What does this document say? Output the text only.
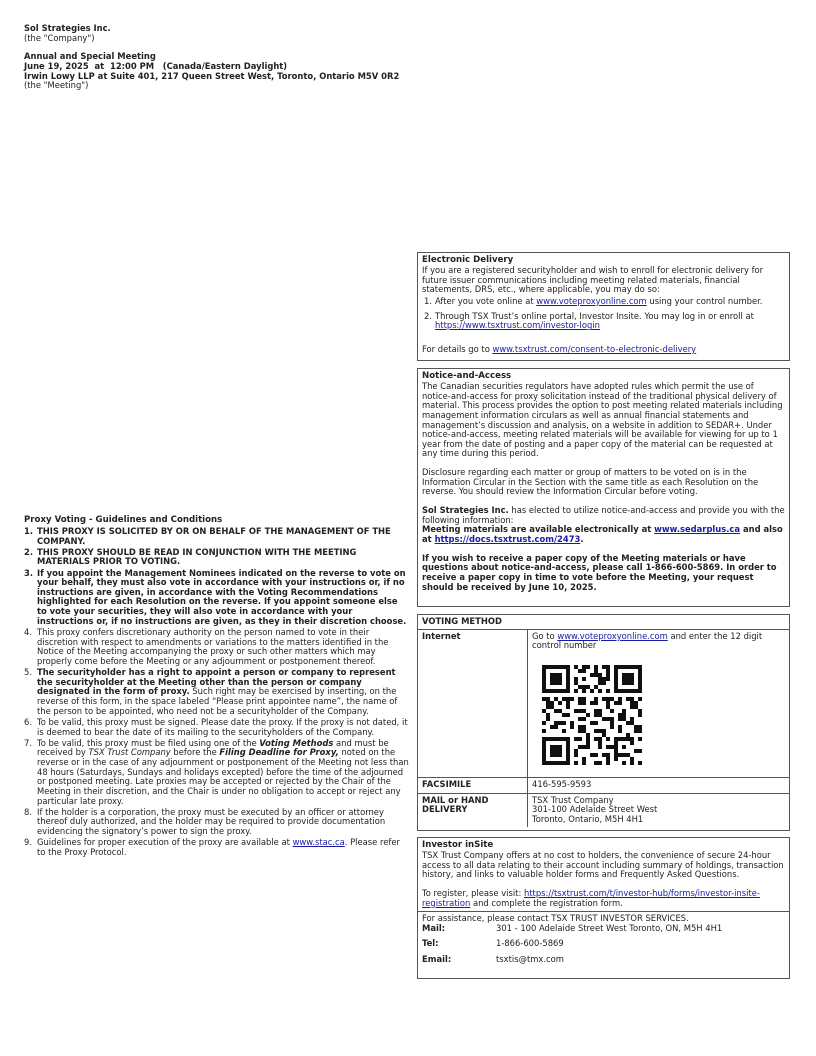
Sol Strategies Inc.
(the "Company")
Annual and Special Meeting
June 19, 2025  at  12:00 PM   (Canada/Eastern Daylight)
Irwin Lowy LLP at Suite 401, 217 Queen Street West, Toronto, Ontario M5V 0R2
(the "Meeting")
Proxy Voting - Guidelines and Conditions
1. THIS PROXY IS SOLICITED BY OR ON BEHALF OF THE MANAGEMENT OF THE COMPANY.
2. THIS PROXY SHOULD BE READ IN CONJUNCTION WITH THE MEETING MATERIALS PRIOR TO VOTING.
3. If you appoint the Management Nominees indicated on the reverse to vote on your behalf, they must also vote in accordance with your instructions or, if no instructions are given, in accordance with the Voting Recommendations highlighted for each Resolution on the reverse. If you appoint someone else to vote your securities, they will also vote in accordance with your instructions or, if no instructions are given, as they in their discretion choose.
4. This proxy confers discretionary authority on the person named to vote in their discretion with respect to amendments or variations to the matters identified in the Notice of the Meeting accompanying the proxy or such other matters which may properly come before the Meeting or any adjournment or postponement thereof.
5. The securityholder has a right to appoint a person or company to represent the securityholder at the Meeting other than the person or company designated in the form of proxy. Such right may be exercised by inserting, on the reverse of this form, in the space labeled “Please print appointee name”, the name of the person to be appointed, who need not be a securityholder of the Company.
6. To be valid, this proxy must be signed. Please date the proxy. If the proxy is not dated, it is deemed to bear the date of its mailing to the securityholders of the Company.
7. To be valid, this proxy must be filed using one of the Voting Methods and must be received by TSX Trust Company before the Filing Deadline for Proxy, noted on the reverse or in the case of any adjournment or postponement of the Meeting not less than 48 hours (Saturdays, Sundays and holidays excepted) before the time of the adjourned or postponed meeting. Late proxies may be accepted or rejected by the Chair of the Meeting in their discretion, and the Chair is under no obligation to accept or reject any particular late proxy.
8. If the holder is a corporation, the proxy must be executed by an officer or attorney thereof duly authorized, and the holder may be required to provide documentation evidencing the signatory’s power to sign the proxy.
9. Guidelines for proper execution of the proxy are available at www.stac.ca. Please refer to the Proxy Protocol.
Electronic Delivery
If you are a registered securityholder and wish to enroll for electronic delivery for future issuer communications including meeting related materials, financial statements, DRS, etc., where applicable, you may do so:
1. After you vote online at www.voteproxyonline.com using your control number.
2. Through TSX Trust’s online portal, Investor Insite. You may log in or enroll at https://www.tsxtrust.com/investor-login
For details go to www.tsxtrust.com/consent-to-electronic-delivery
Notice-and-Access
The Canadian securities regulators have adopted rules which permit the use of notice-and-access for proxy solicitation instead of the traditional physical delivery of material. This process provides the option to post meeting related materials including management information circulars as well as annual financial statements and management’s discussion and analysis, on a website in addition to SEDAR+. Under notice-and-access, meeting related materials will be available for viewing for up to 1 year from the date of posting and a paper copy of the material can be requested at any time during this period.
Disclosure regarding each matter or group of matters to be voted on is in the Information Circular in the Section with the same title as each Resolution on the reverse. You should review the Information Circular before voting.
Sol Strategies Inc. has elected to utilize notice-and-access and provide you with the following information:
Meeting materials are available electronically at www.sedarplus.ca and also at https://docs.tsxtrust.com/2473.
If you wish to receive a paper copy of the Meeting materials or have questions about notice-and-access, please call 1-866-600-5869. In order to receive a paper copy in time to vote before the Meeting, your request should be received by June 10, 2025.
VOTING METHOD
Internet	Go to www.voteproxyonline.com and enter the 12 digit control number

FACSIMILE	416-595-9593
MAIL or HAND DELIVERY	TSX Trust Company
301-100 Adelaide Street West
Toronto, Ontario, M5H 4H1
Investor inSite
TSX Trust Company offers at no cost to holders, the convenience of secure 24-hour access to all data relating to their account including summary of holdings, transaction history, and links to valuable holder forms and Frequently Asked Questions.
To register, please visit: https://tsxtrust.com/t/investor-hub/forms/investor-insite-registration and complete the registration form.
For assistance, please contact TSX TRUST INVESTOR SERVICES.
Mail:	301 - 100 Adelaide Street West Toronto, ON, M5H 4H1
Tel:	1-866-600-5869
Email:	tsxtis@tmx.com
